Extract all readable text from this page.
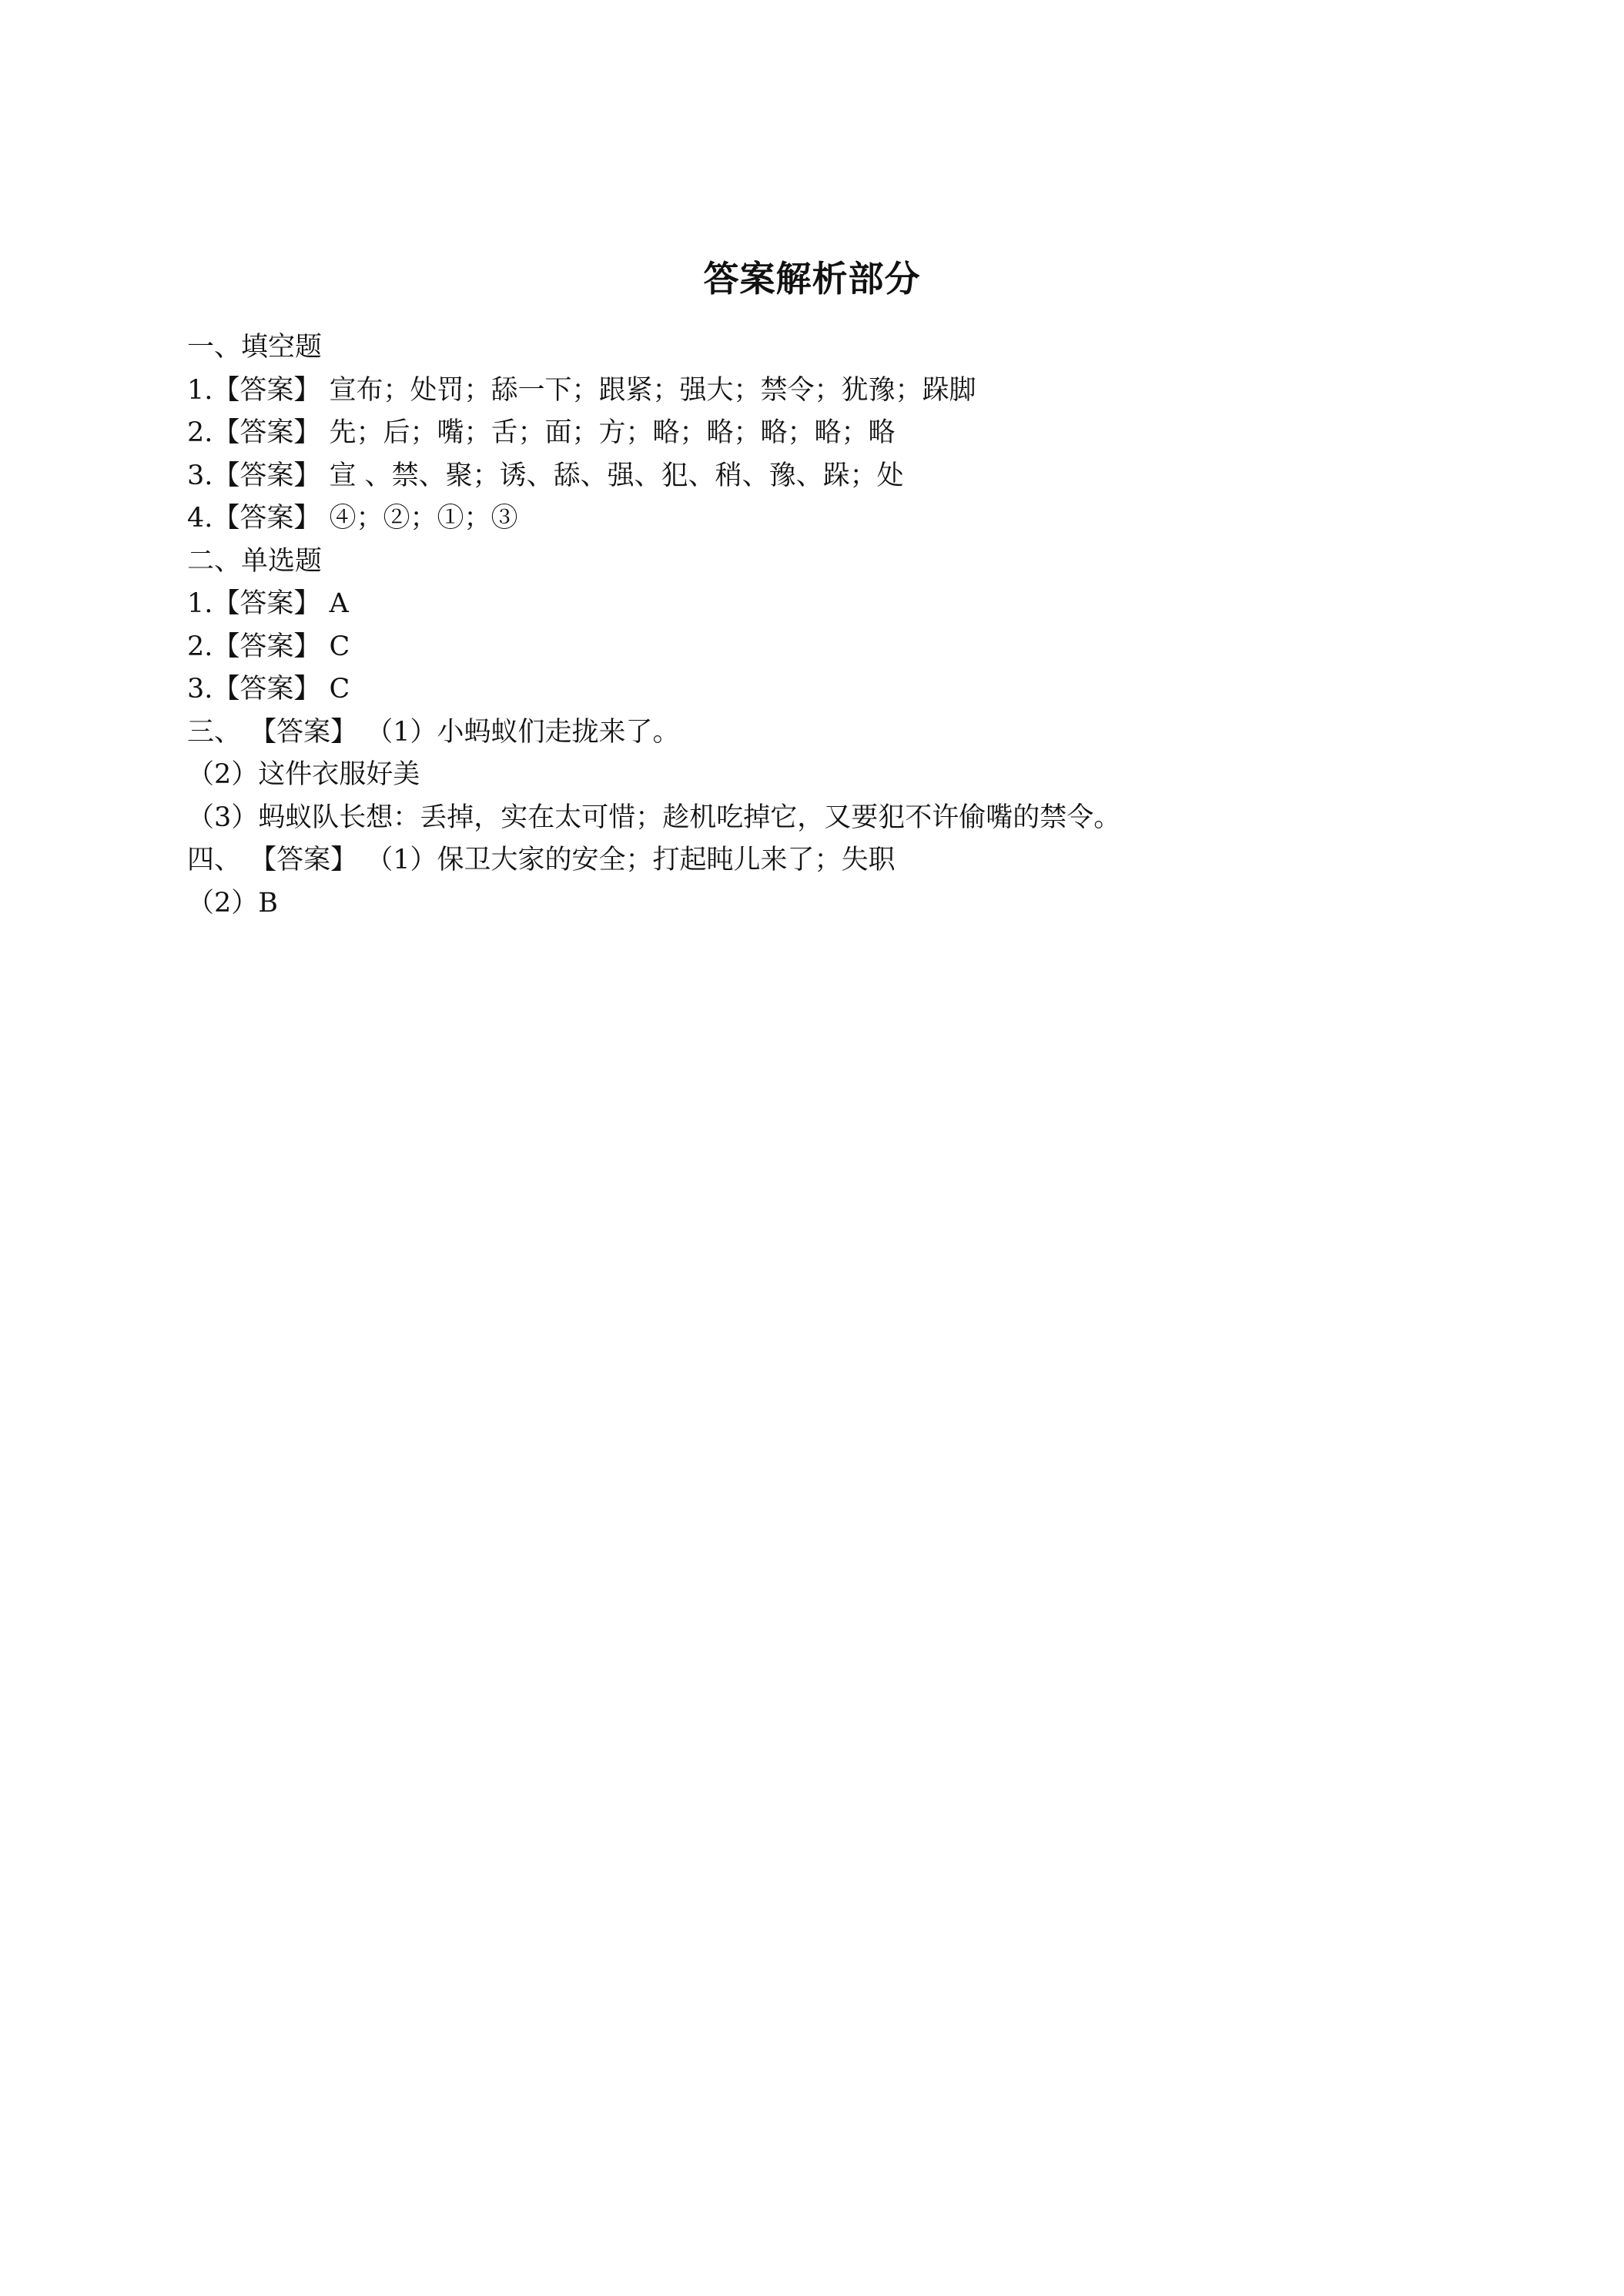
答案解析部分
一、填空题
1.【答案】 宣布；处罚；舔一下；跟紧；强大；禁令；犹豫；跺脚
2.【答案】 先；后；嘴；舌；面；方；略；略；略；略；略
3.【答案】 宣 、禁、聚；诱、舔、强、犯、稍、豫、跺；处
4.【答案】 ④；②；①；③
二、单选题
1.【答案】 A
2.【答案】 C
3.【答案】 C
三、 【答案】 （1）小蚂蚁们走拢来了。
（2）这件衣服好美
（3）蚂蚁队长想：丢掉，实在太可惜；趁机吃掉它，又要犯不许偷嘴的禁令。
四、 【答案】 （1）保卫大家的安全；打起盹儿来了；失职
（2）B
